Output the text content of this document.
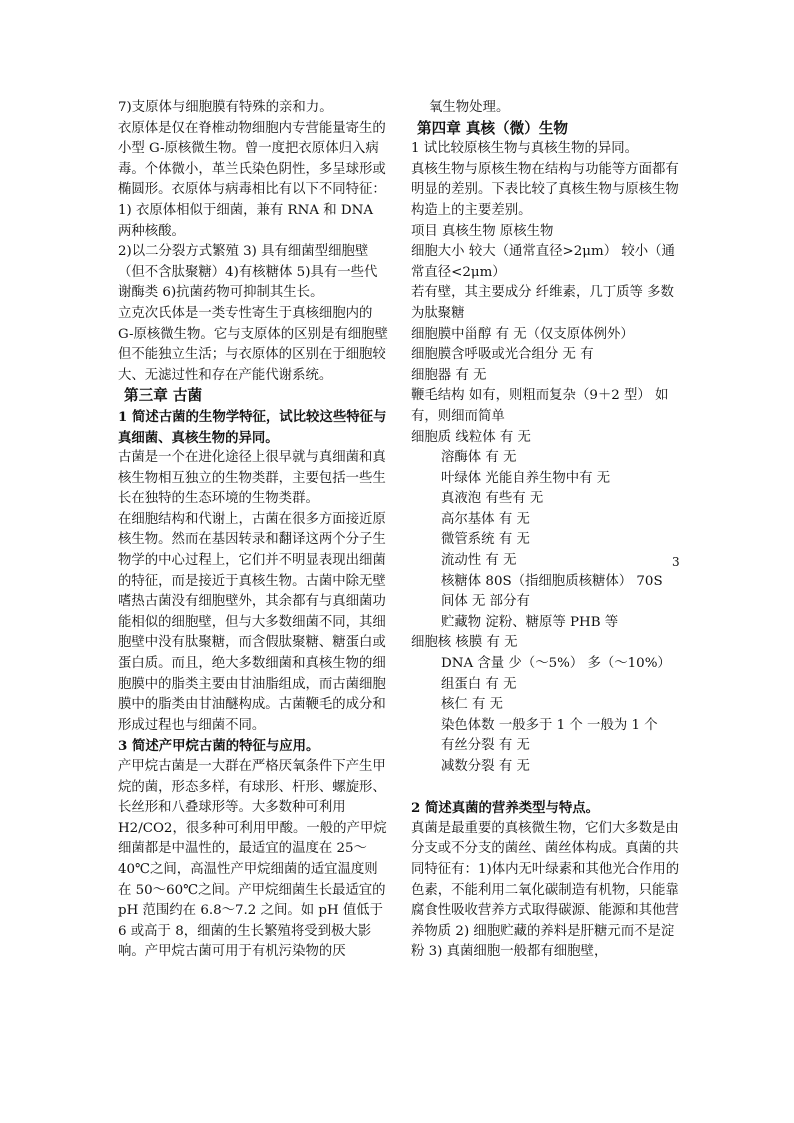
7)支原体与细胞膜有特殊的亲和力。

衣原体是仅在脊椎动物细胞内专营能量寄生的小型 G-原核微生物。曾一度把衣原体归入病毒。个体微小，革兰氏染色阴性，多呈球形或椭圆形。衣原体与病毒相比有以下不同特征：

1) 衣原体相似于细菌，兼有 RNA 和 DNA 两种核酸。

2)以二分裂方式繁殖 3) 具有细菌型细胞壁（但不含肽聚糖）4)有核糖体 5)具有一些代谢酶类 6)抗菌药物可抑制其生长。

立克次氏体是一类专性寄生于真核细胞内的 G-原核微生物。它与支原体的区别是有细胞壁但不能独立生活；与衣原体的区别在于细胞较大、无滤过性和存在产能代谢系统。

第三章 古菌

1 简述古菌的生物学特征，试比较这些特征与真细菌、真核生物的异同。

古菌是一个在进化途径上很早就与真细菌和真核生物相互独立的生物类群，主要包括一些生长在独特的生态环境的生物类群。

在细胞结构和代谢上，古菌在很多方面接近原核生物。然而在基因转录和翻译这两个分子生物学的中心过程上，它们并不明显表现出细菌的特征，而是接近于真核生物。古菌中除无壁嗜热古菌没有细胞壁外，其余都有与真细菌功能相似的细胞壁，但与大多数细菌不同，其细胞壁中没有肽聚糖，而含假肽聚糖、糖蛋白或蛋白质。而且，绝大多数细菌和真核生物的细胞膜中的脂类主要由甘油脂组成，而古菌细胞膜中的脂类由甘油醚构成。古菌鞭毛的成分和形成过程也与细菌不同。

3 简述产甲烷古菌的特征与应用。

产甲烷古菌是一大群在严格厌氧条件下产生甲烷的菌，形态多样，有球形、杆形、螺旋形、长丝形和八叠球形等。大多数种可利用 H2/CO2，很多种可利用甲酸。一般的产甲烷细菌都是中温性的，最适宜的温度在 25～40℃之间，高温性产甲烷细菌的适宜温度则在 50～60℃之间。产甲烷细菌生长最适宜的 pH 范围约在 6.8～7.2 之间。如 pH 值低于 6 或高于 8，细菌的生长繁殖将受到极大影响。产甲烷古菌可用于有机污染物的厌

氧生物处理。

第四章 真核（微）生物

1 试比较原核生物与真核生物的异同。

真核生物与原核生物在结构与功能等方面都有明显的差别。下表比较了真核生物与原核生物构造上的主要差别。

项目 真核生物 原核生物

细胞大小 较大（通常直径>2μm） 较小（通常直径<2μm）

若有壁，其主要成分 纤维素，几丁质等 多数为肽聚糖

细胞膜中甾醇 有 无（仅支原体例外）

细胞膜含呼吸或光合组分 无 有

细胞器 有 无

鞭毛结构 如有，则粗而复杂（9＋2 型） 如有，则细而简单

细胞质 线粒体 有 无

溶酶体 有 无

叶绿体 光能自养生物中有 无

真液泡 有些有 无

高尔基体 有 无

微管系统 有 无

流动性 有 无

核糖体 80S（指细胞质核糖体） 70S

间体 无 部分有

贮藏物 淀粉、糖原等 PHB 等

细胞核 核膜 有 无

DNA 含量 少（～5%） 多（～10%）

组蛋白 有 无

核仁 有 无

染色体数 一般多于 1 个 一般为 1 个

有丝分裂 有 无

减数分裂 有 无

2 简述真菌的营养类型与特点。

真菌是最重要的真核微生物，它们大多数是由分支或不分支的菌丝、菌丝体构成。真菌的共同特征有：1)体内无叶绿素和其他光合作用的色素，不能利用二氧化碳制造有机物，只能靠腐食性吸收营养方式取得碳源、能源和其他营养物质 2) 细胞贮藏的养料是肝糖元而不是淀粉 3) 真菌细胞一般都有细胞壁，

3
